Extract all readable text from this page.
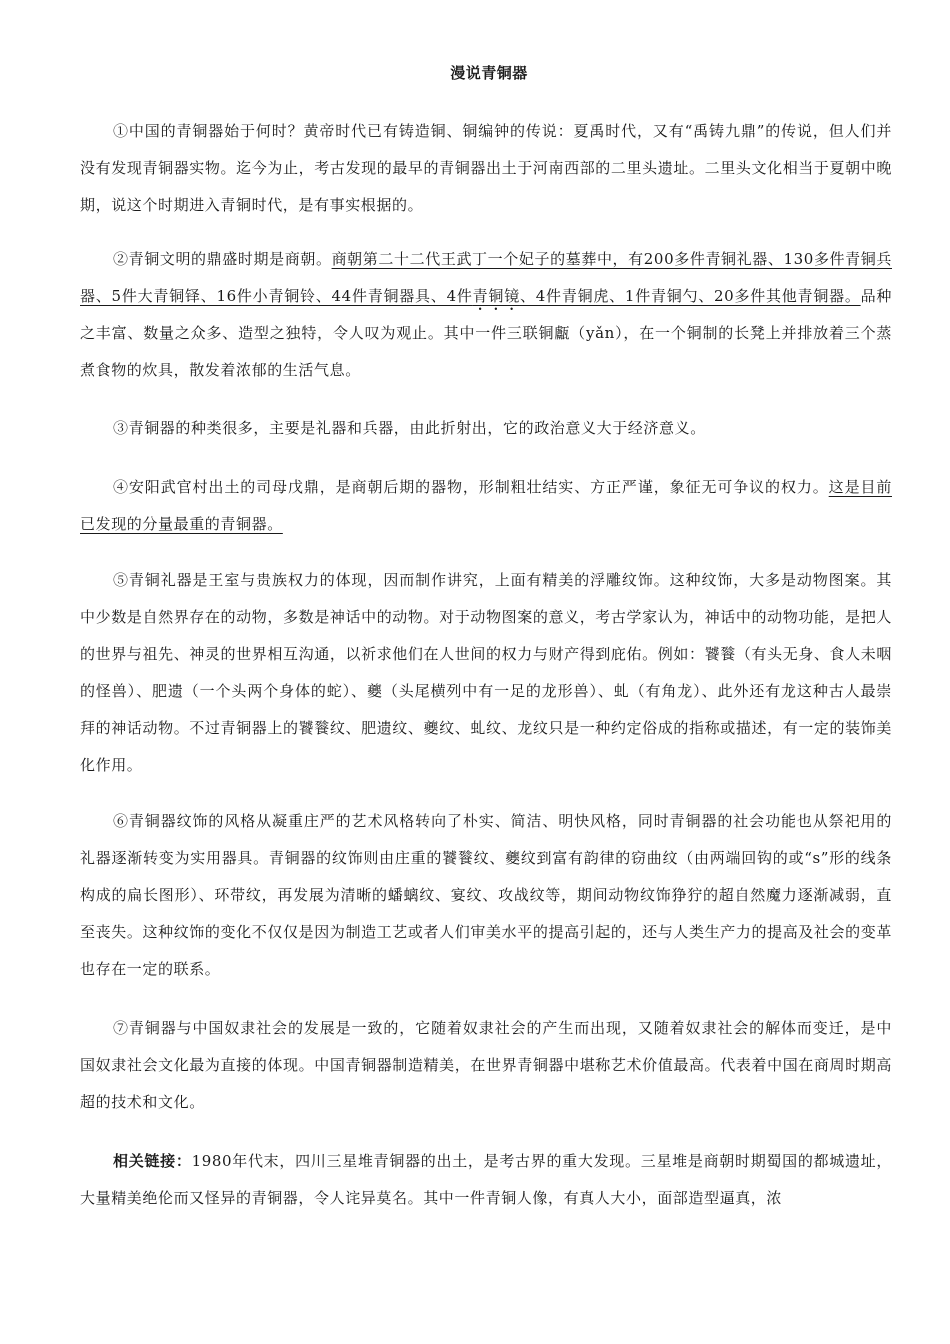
漫说青铜器
①中国的青铜器始于何时？黄帝时代已有铸造铜、铜编钟的传说：夏禹时代，又有“禹铸九鼎”的传说，但人们并没有发现青铜器实物。迄今为止，考古发现的最早的青铜器出土于河南西部的二里头遗址。二里头文化相当于夏朝中晚期，说这个时期进入青铜时代，是有事实根据的。
②青铜文明的鼎盛时期是商朝。商朝第二十二代王武丁一个妃子的墓葬中，有200多件青铜礼器、130多件青铜兵器、5件大青铜铎、16件小青铜铃、44件青铜器具、4件青铜镜、4件青铜虎、1件青铜勺、20多件其他青铜器。品种之丰富、数量之众多、造型之独特，令人叹为观止。其中一件三联铜甗（yǎn），在一个铜制的长凳上并排放着三个蒸煮食物的炊具，散发着浓郁的生活气息。
③青铜器的种类很多，主要是礼器和兵器，由此折射出，它的政治意义大于经济意义。
④安阳武官村出土的司母戊鼎，是商朝后期的器物，形制粗壮结实、方正严谨，象征无可争议的权力。这是目前已发现的分量最重的青铜器。
⑤青铜礼器是王室与贵族权力的体现，因而制作讲究，上面有精美的浮雕纹饰。这种纹饰，大多是动物图案。其中少数是自然界存在的动物，多数是神话中的动物。对于动物图案的意义，考古学家认为，神话中的动物功能，是把人的世界与祖先、神灵的世界相互沟通，以祈求他们在人世间的权力与财产得到庇佑。例如：饕餮（有头无身、食人未咽的怪兽）、肥遗（一个头两个身体的蛇）、夔（头尾横列中有一足的龙形兽）、虬（有角龙）、此外还有龙这种古人最崇拜的神话动物。不过青铜器上的饕餮纹、肥遗纹、夔纹、虬纹、龙纹只是一种约定俗成的指称或描述，有一定的装饰美化作用。
⑥青铜器纹饰的风格从凝重庄严的艺术风格转向了朴实、简洁、明快风格，同时青铜器的社会功能也从祭祀用的礼器逐渐转变为实用器具。青铜器的纹饰则由庄重的饕餮纹、夔纹到富有韵律的窃曲纹（由两端回钩的或“s”形的线条构成的扁长图形）、环带纹，再发展为清晰的蟠螭纹、宴纹、攻战纹等，期间动物纹饰狰狞的超自然魔力逐渐减弱，直至丧失。这种纹饰的变化不仅仅是因为制造工艺或者人们审美水平的提高引起的，还与人类生产力的提高及社会的变革也存在一定的联系。
⑦青铜器与中国奴隶社会的发展是一致的，它随着奴隶社会的产生而出现，又随着奴隶社会的解体而变迁，是中国奴隶社会文化最为直接的体现。中国青铜器制造精美，在世界青铜器中堪称艺术价值最高。代表着中国在商周时期高超的技术和文化。
相关链接：1980年代末，四川三星堆青铜器的出土，是考古界的重大发现。三星堆是商朝时期蜀国的都城遗址，大量精美绝伦而又怪异的青铜器，令人诧异莫名。其中一件青铜人像，有真人大小，面部造型逼真，浓
